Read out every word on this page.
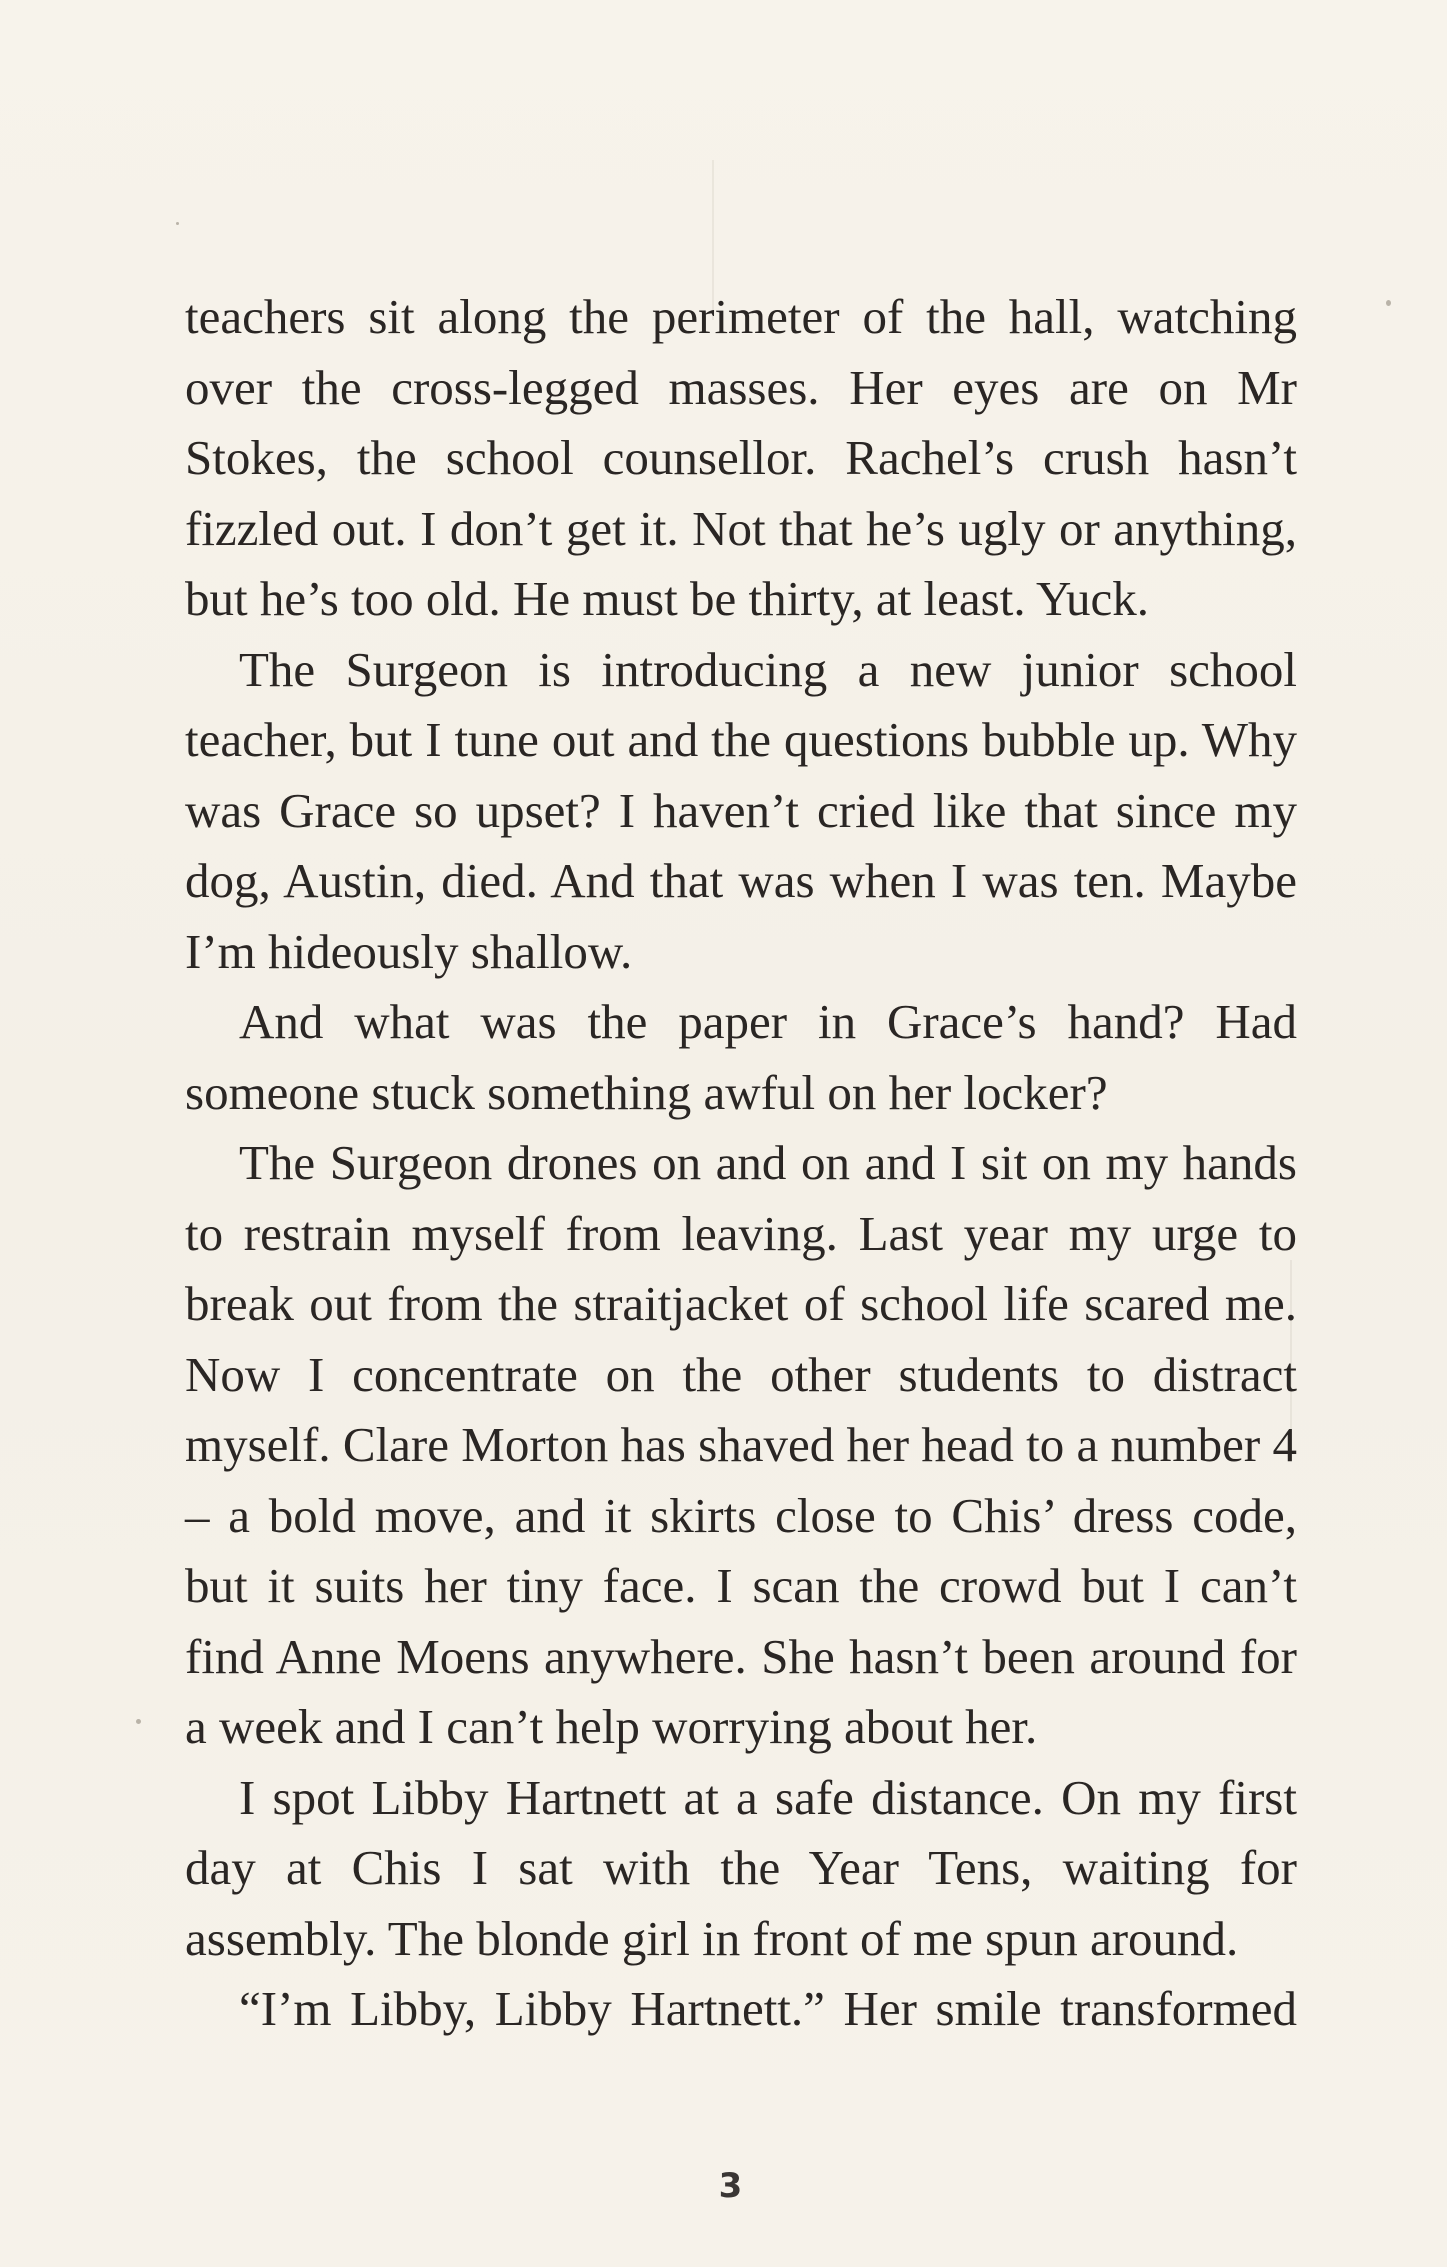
teachers sit along the perimeter of the hall, watching over the cross-legged masses. Her eyes are on Mr Stokes, the school counsellor. Rachel’s crush hasn’t fizzled out. I don’t get it. Not that he’s ugly or anything, but he’s too old. He must be thirty, at least. Yuck.

The Surgeon is introducing a new junior school teacher, but I tune out and the questions bubble up. Why was Grace so upset? I haven’t cried like that since my dog, Austin, died. And that was when I was ten. Maybe I’m hideously shallow.

And what was the paper in Grace’s hand? Had someone stuck something awful on her locker?

The Surgeon drones on and on and I sit on my hands to restrain myself from leaving. Last year my urge to break out from the straitjacket of school life scared me. Now I concentrate on the other students to distract myself. Clare Morton has shaved her head to a number 4 – a bold move, and it skirts close to Chis’ dress code, but it suits her tiny face. I scan the crowd but I can’t find Anne Moens anywhere. She hasn’t been around for a week and I can’t help worrying about her.

I spot Libby Hartnett at a safe distance. On my first day at Chis I sat with the Year Tens, waiting for assembly. The blonde girl in front of me spun around.

“I’m Libby, Libby Hartnett.” Her smile transformed

3
